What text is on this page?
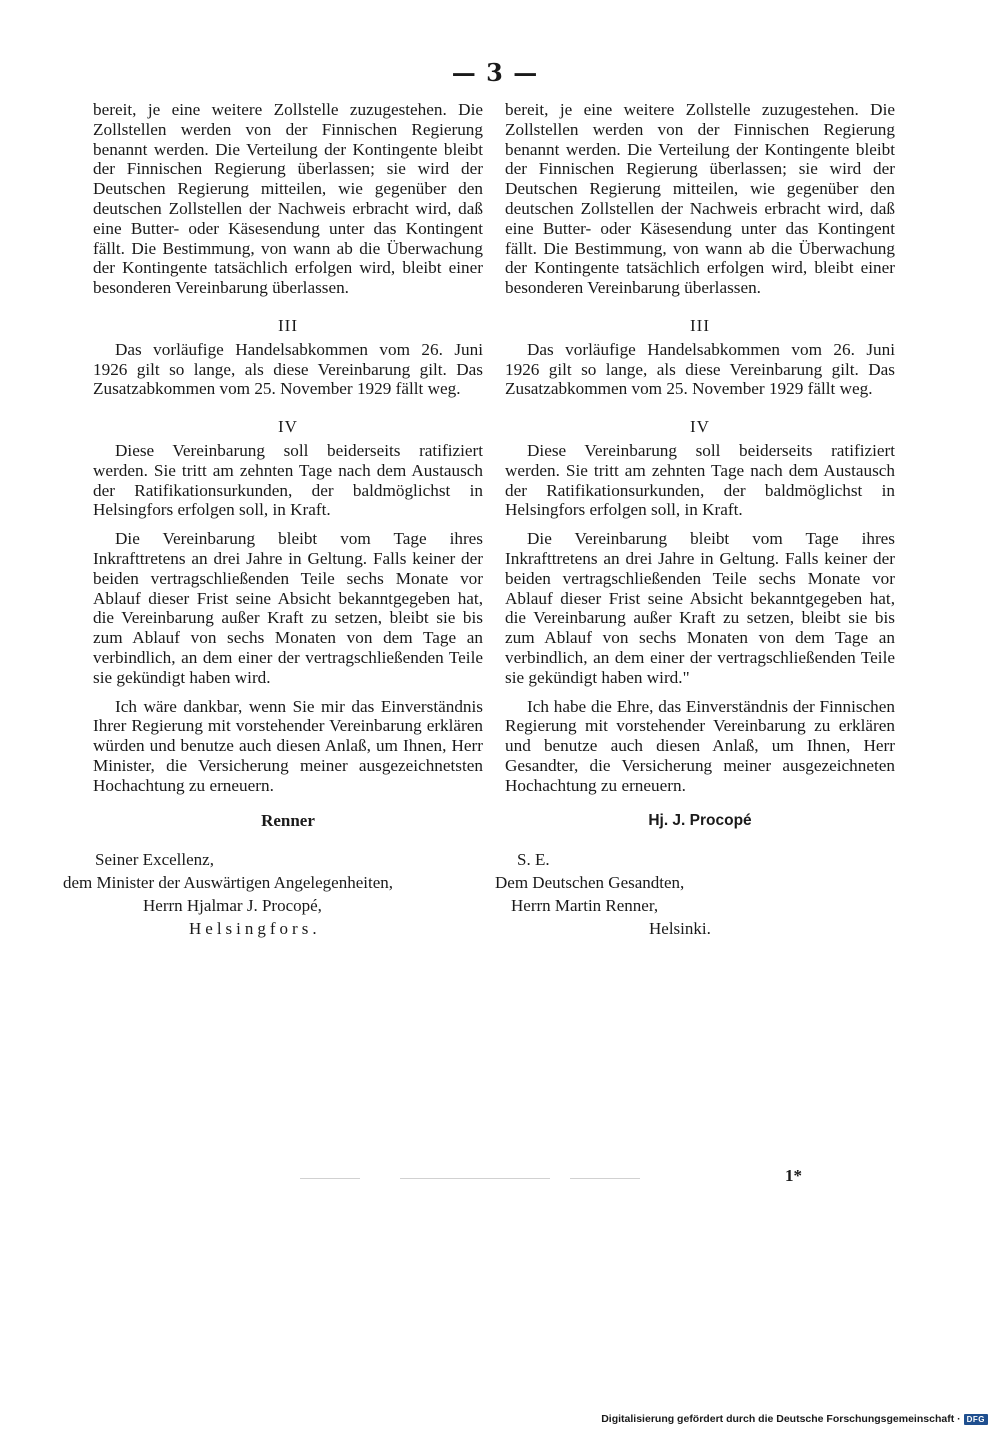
— 3 —

bereit, je eine weitere Zollstelle zuzugestehen. Die Zollstellen werden von der Finnischen Regierung benannt werden. Die Verteilung der Kontingente bleibt der Finnischen Regierung überlassen; sie wird der Deutschen Regierung mitteilen, wie gegenüber den deutschen Zollstellen der Nachweis erbracht wird, daß eine Butter- oder Käsesendung unter das Kontingent fällt. Die Bestimmung, von wann ab die Überwachung der Kontingente tatsächlich erfolgen wird, bleibt einer besonderen Vereinbarung überlassen.

III

Das vorläufige Handelsabkommen vom 26. Juni 1926 gilt so lange, als diese Vereinbarung gilt. Das Zusatzabkommen vom 25. November 1929 fällt weg.

IV

Diese Vereinbarung soll beiderseits ratifiziert werden. Sie tritt am zehnten Tage nach dem Austausch der Ratifikationsurkunden, der baldmöglichst in Helsingfors erfolgen soll, in Kraft.

Die Vereinbarung bleibt vom Tage ihres Inkrafttretens an drei Jahre in Geltung. Falls keiner der beiden vertragschließenden Teile sechs Monate vor Ablauf dieser Frist seine Absicht bekanntgegeben hat, die Vereinbarung außer Kraft zu setzen, bleibt sie bis zum Ablauf von sechs Monaten von dem Tage an verbindlich, an dem einer der vertragschließenden Teile sie gekündigt haben wird.

Ich wäre dankbar, wenn Sie mir das Einverständnis Ihrer Regierung mit vorstehender Vereinbarung erklären würden und benutze auch diesen Anlaß, um Ihnen, Herr Minister, die Versicherung meiner ausgezeichnetsten Hochachtung zu erneuern.

Renner
Seiner Excellenz,
dem Minister der Auswärtigen Angelegenheiten,
Herrn Hjalmar J. Procopé,
Helsingfors.

bereit, je eine weitere Zollstelle zuzugestehen. Die Zollstellen werden von der Finnischen Regierung benannt werden. Die Verteilung der Kontingente bleibt der Finnischen Regierung überlassen; sie wird der Deutschen Regierung mitteilen, wie gegenüber den deutschen Zollstellen der Nachweis erbracht wird, daß eine Butter- oder Käsesendung unter das Kontingent fällt. Die Bestimmung, von wann ab die Überwachung der Kontingente tatsächlich erfolgen wird, bleibt einer besonderen Vereinbarung überlassen.

III

Das vorläufige Handelsabkommen vom 26. Juni 1926 gilt so lange, als diese Vereinbarung gilt. Das Zusatzabkommen vom 25. November 1929 fällt weg.

IV

Diese Vereinbarung soll beiderseits ratifiziert werden. Sie tritt am zehnten Tage nach dem Austausch der Ratifikationsurkunden, der baldmöglichst in Helsingfors erfolgen soll, in Kraft.

Die Vereinbarung bleibt vom Tage ihres Inkrafttretens an drei Jahre in Geltung. Falls keiner der beiden vertragschließenden Teile sechs Monate vor Ablauf dieser Frist seine Absicht bekanntgegeben hat, die Vereinbarung außer Kraft zu setzen, bleibt sie bis zum Ablauf von sechs Monaten von dem Tage an verbindlich, an dem einer der vertragschließenden Teile sie gekündigt haben wird."

Ich habe die Ehre, das Einverständnis der Finnischen Regierung mit vorstehender Vereinbarung zu erklären und benutze auch diesen Anlaß, um Ihnen, Herr Gesandter, die Versicherung meiner ausgezeichneten Hochachtung zu erneuern.

Hj. J. Procopé
S. E.
Dem Deutschen Gesandten,
Herrn Martin Renner,
Helsinki.
1*
Digitalisierung gefördert durch die Deutsche Forschungsgemeinschaft · DFG
